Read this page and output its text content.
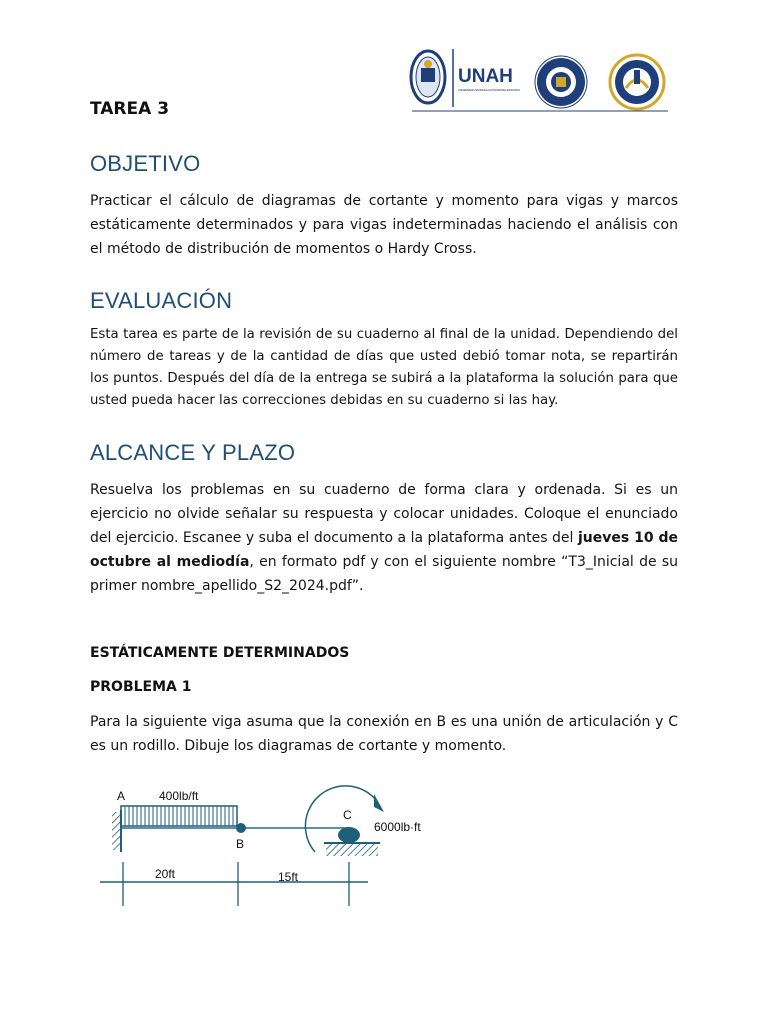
UNAH
UNIVERSIDAD NACIONAL AUTÓNOMA DE HONDURAS
TAREA 3
OBJETIVO

Practicar el cálculo de diagramas de cortante y momento para vigas y marcos estáticamente determinados y para vigas indeterminadas haciendo el análisis con el método de distribución de momentos o Hardy Cross.

EVALUACIÓN

Esta tarea es parte de la revisión de su cuaderno al final de la unidad. Dependiendo del número de tareas y de la cantidad de días que usted debió tomar nota, se repartirán los puntos. Después del día de la entrega se subirá a la plataforma la solución para que usted pueda hacer las correcciones debidas en su cuaderno si las hay.

ALCANCE Y PLAZO

Resuelva los problemas en su cuaderno de forma clara y ordenada. Si es un ejercicio no olvide señalar su respuesta y colocar unidades. Coloque el enunciado del ejercicio. Escanee y suba el documento a la plataforma antes del jueves 10 de octubre al mediodía, en formato pdf y con el siguiente nombre “T3_Inicial de su primer nombre_apellido_S2_2024.pdf”.

ESTÁTICAMENTE DETERMINADOS
PROBLEMA 1

Para la siguiente viga asuma que la conexión en B es una unión de articulación y C es un rodillo. Dibuje los diagramas de cortante y momento.

A	400lb/ft
B
C
6000lb·ft
20ft	15ft
